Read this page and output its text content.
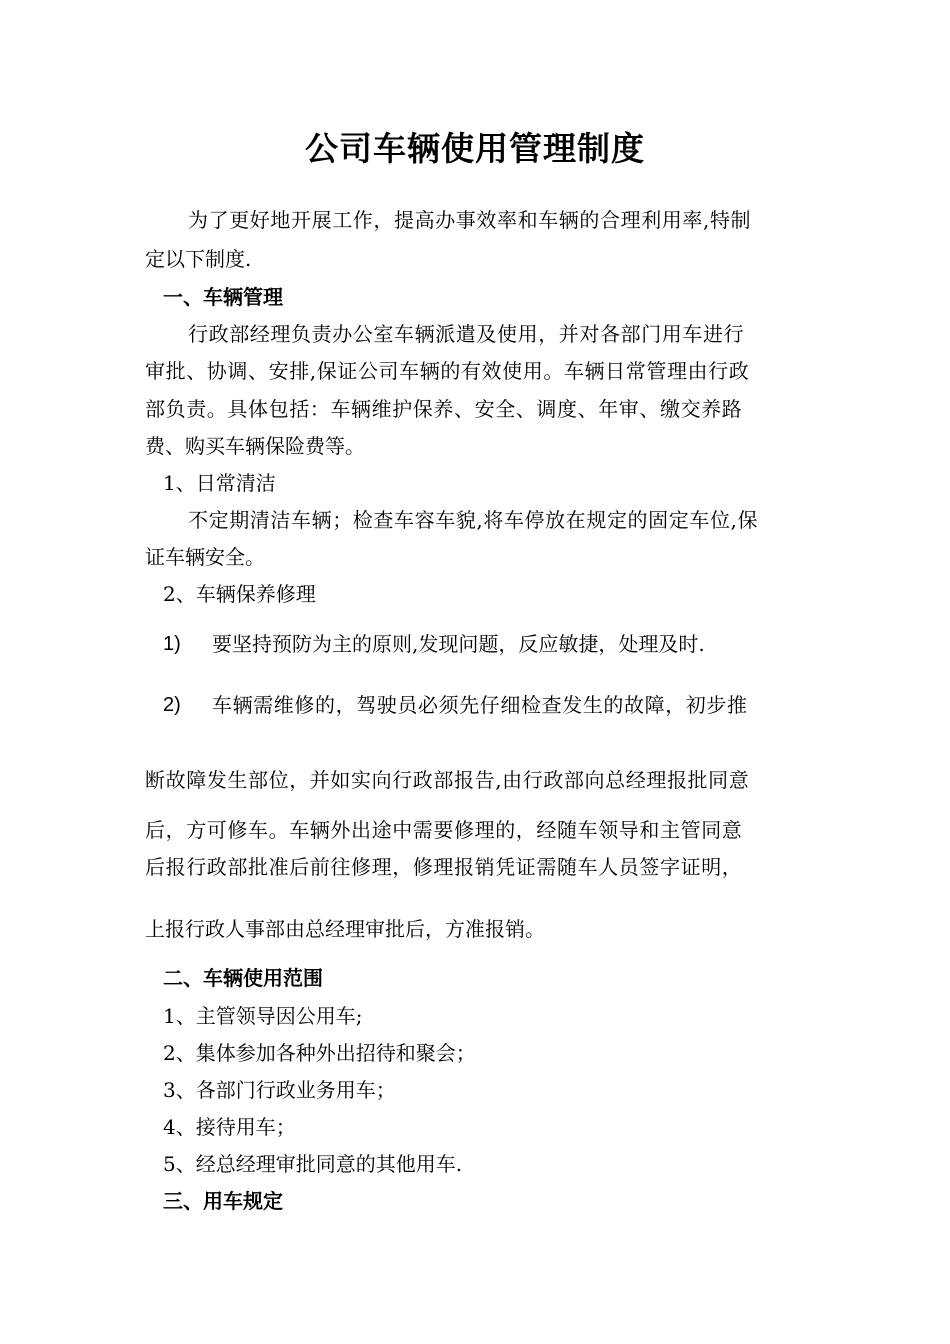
公司车辆使用管理制度
为了更好地开展工作，提高办事效率和车辆的合理利用率,特制
定以下制度.
一、车辆管理
行政部经理负责办公室车辆派遣及使用，并对各部门用车进行
审批、协调、安排,保证公司车辆的有效使用。车辆日常管理由行政
部负责。具体包括：车辆维护保养、安全、调度、年审、缴交养路
费、购买车辆保险费等。
1、日常清洁
不定期清洁车辆；检查车容车貌,将车停放在规定的固定车位,保
证车辆安全。
2、车辆保养修理
1) 要坚持预防为主的原则,发现问题，反应敏捷，处理及时.
2) 车辆需维修的，驾驶员必须先仔细检查发生的故障，初步推
断故障发生部位，并如实向行政部报告,由行政部向总经理报批同意
后，方可修车。车辆外出途中需要修理的，经随车领导和主管同意
后报行政部批准后前往修理，修理报销凭证需随车人员签字证明，
上报行政人事部由总经理审批后，方准报销。
二、车辆使用范围
1、主管领导因公用车;
2、集体参加各种外出招待和聚会；
3、各部门行政业务用车；
4、接待用车；
5、经总经理审批同意的其他用车.
三、用车规定
